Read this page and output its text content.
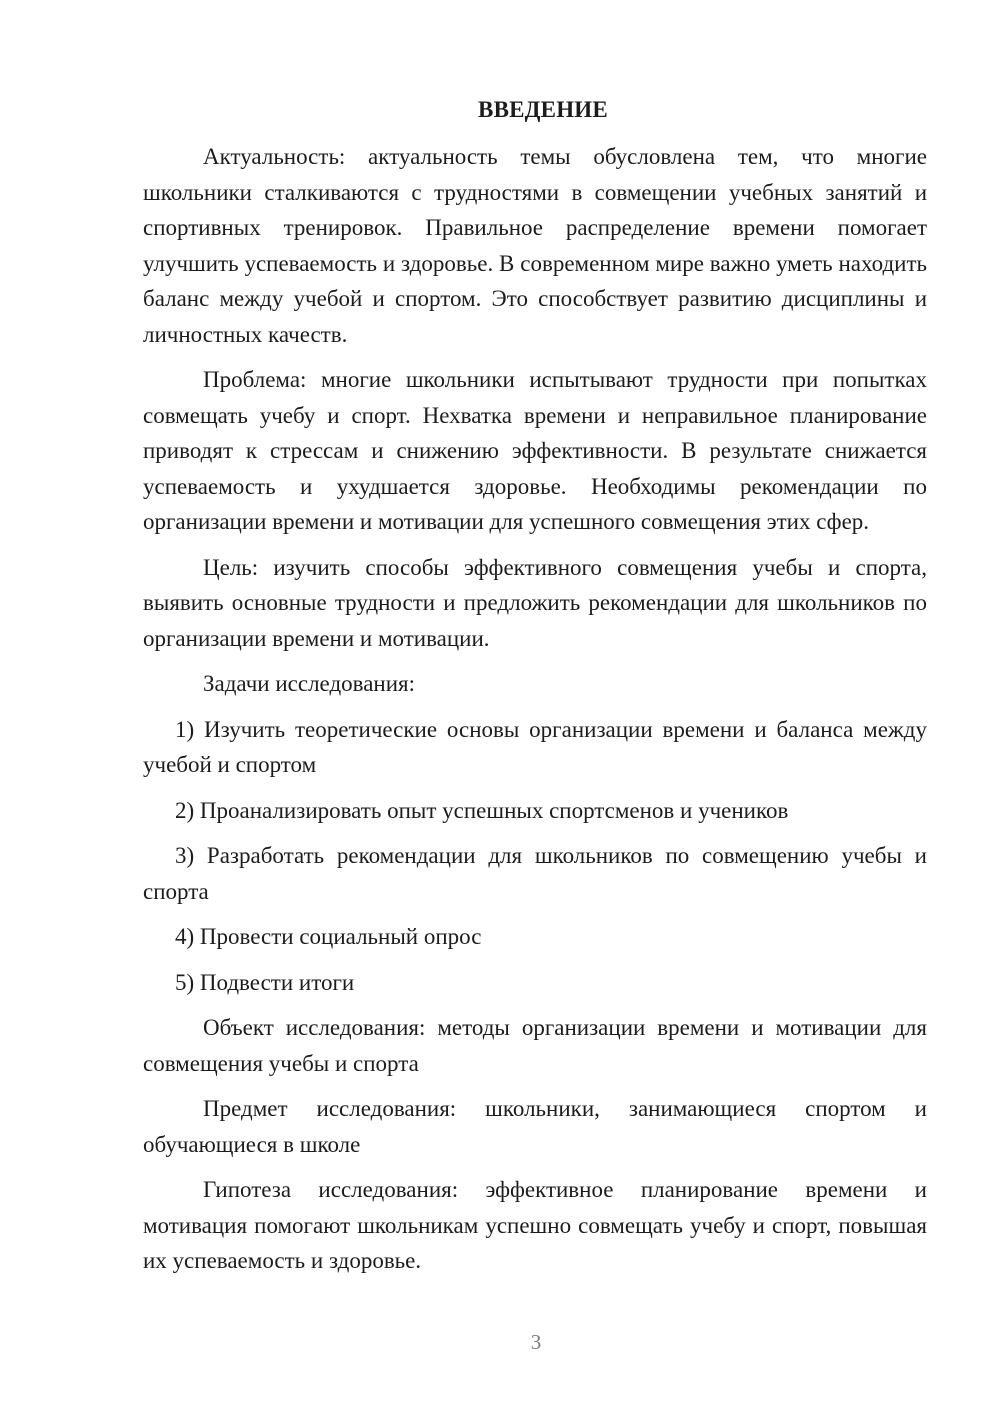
ВВЕДЕНИЕ

Актуальность: актуальность темы обусловлена тем, что многие школьники сталкиваются с трудностями в совмещении учебных занятий и спортивных тренировок. Правильное распределение времени помогает улучшить успеваемость и здоровье. В современном мире важно уметь находить баланс между учебой и спортом. Это способствует развитию дисциплины и личностных качеств.

Проблема: многие школьники испытывают трудности при попытках совмещать учебу и спорт. Нехватка времени и неправильное планирование приводят к стрессам и снижению эффективности. В результате снижается успеваемость и ухудшается здоровье. Необходимы рекомендации по организации времени и мотивации для успешного совмещения этих сфер.

Цель: изучить способы эффективного совмещения учебы и спорта, выявить основные трудности и предложить рекомендации для школьников по организации времени и мотивации.

Задачи исследования:

1) Изучить теоретические основы организации времени и баланса между учебой и спортом

2) Проанализировать опыт успешных спортсменов и учеников

3) Разработать рекомендации для школьников по совмещению учебы и спорта

4) Провести социальный опрос

5) Подвести итоги

Объект исследования: методы организации времени и мотивации для совмещения учебы и спорта

Предмет исследования: школьники, занимающиеся спортом и обучающиеся в школе

Гипотеза исследования: эффективное планирование времени и мотивация помогают школьникам успешно совмещать учебу и спорт, повышая их успеваемость и здоровье.

3
